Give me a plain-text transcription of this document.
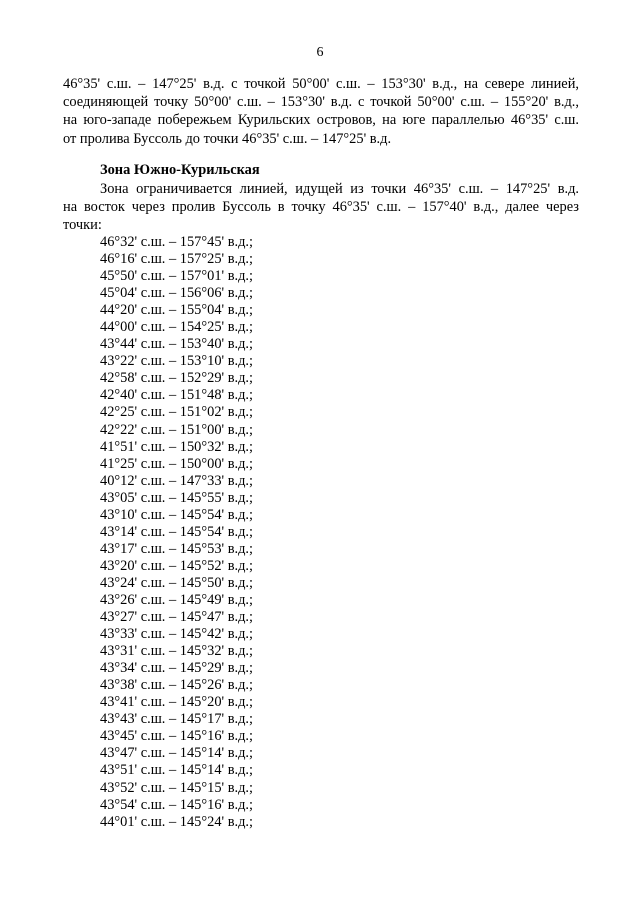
6

46°35' с.ш. – 147°25' в.д. с точкой 50°00' с.ш. – 153°30' в.д., на севере линией,
соединяющей точку 50°00' с.ш. – 153°30' в.д. с точкой 50°00' с.ш. – 155°20' в.д.,
на юго-западе побережьем Курильских островов, на юге параллелью 46°35' с.ш.
от пролива Буссоль до точки 46°35' с.ш. – 147°25' в.д.

Зона Южно-Курильская

Зона ограничивается линией, идущей из точки 46°35' с.ш. – 147°25' в.д.
на восток через пролив Буссоль в точку 46°35' с.ш. – 157°40' в.д., далее через
точки:

46°32' с.ш. – 157°45' в.д.;
46°16' с.ш. – 157°25' в.д.;
45°50' с.ш. – 157°01' в.д.;
45°04' с.ш. – 156°06' в.д.;
44°20' с.ш. – 155°04' в.д.;
44°00' с.ш. – 154°25' в.д.;
43°44' с.ш. – 153°40' в.д.;
43°22' с.ш. – 153°10' в.д.;
42°58' с.ш. – 152°29' в.д.;
42°40' с.ш. – 151°48' в.д.;
42°25' с.ш. – 151°02' в.д.;
42°22' с.ш. – 151°00' в.д.;
41°51' с.ш. – 150°32' в.д.;
41°25' с.ш. – 150°00' в.д.;
40°12' с.ш. – 147°33' в.д.;
43°05' с.ш. – 145°55' в.д.;
43°10' с.ш. – 145°54' в.д.;
43°14' с.ш. – 145°54' в.д.;
43°17' с.ш. – 145°53' в.д.;
43°20' с.ш. – 145°52' в.д.;
43°24' с.ш. – 145°50' в.д.;
43°26' с.ш. – 145°49' в.д.;
43°27' с.ш. – 145°47' в.д.;
43°33' с.ш. – 145°42' в.д.;
43°31' с.ш. – 145°32' в.д.;
43°34' с.ш. – 145°29' в.д.;
43°38' с.ш. – 145°26' в.д.;
43°41' с.ш. – 145°20' в.д.;
43°43' с.ш. – 145°17' в.д.;
43°45' с.ш. – 145°16' в.д.;
43°47' с.ш. – 145°14' в.д.;
43°51' с.ш. – 145°14' в.д.;
43°52' с.ш. – 145°15' в.д.;
43°54' с.ш. – 145°16' в.д.;
44°01' с.ш. – 145°24' в.д.;
